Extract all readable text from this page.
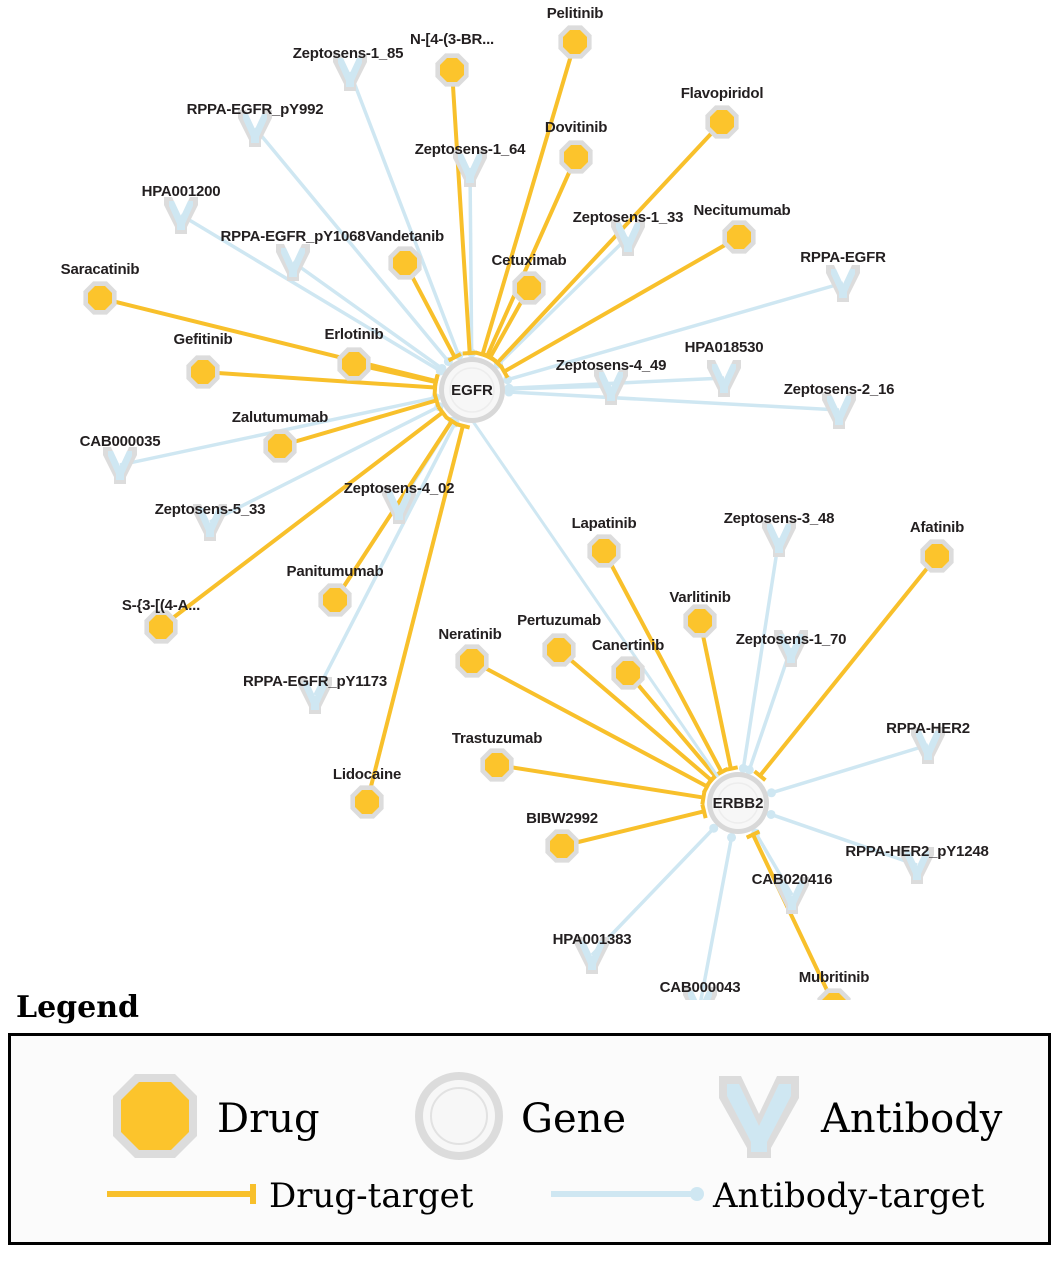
EGFR
ERBB2
Pelitinib
N-[4-(3-BR...
Flavopiridol
Dovitinib
Necitumumab
Vandetanib
Cetuximab
Saracatinib
Erlotinib
Gefitinib
Zalutumumab
Panitumumab
S-{3-[(4-A...
Lapatinib	Afatinib
Varlitinib
Pertuzumab
Canertinib
Neratinib
Trastuzumab
Lidocaine
BIBW2992
Mubritinib
Zeptosens-1_85
RPPA-EGFR_pY992
Zeptosens-1_64
HPA001200
Zeptosens-1_33
RPPA-EGFR_pY1068
RPPA-EGFR
HPA018530
Zeptosens-4_49
Zeptosens-2_16
CAB000035
Zeptosens-5_33
Zeptosens-4_02
Zeptosens-3_48
Zeptosens-1_70
RPPA-EGFR_pY1173
RPPA-HER2
RPPA-HER2_pY1248
CAB020416
HPA001383
CAB000043
Legend
Drug	Gene	Antibody
Drug-target	Antibody-target
